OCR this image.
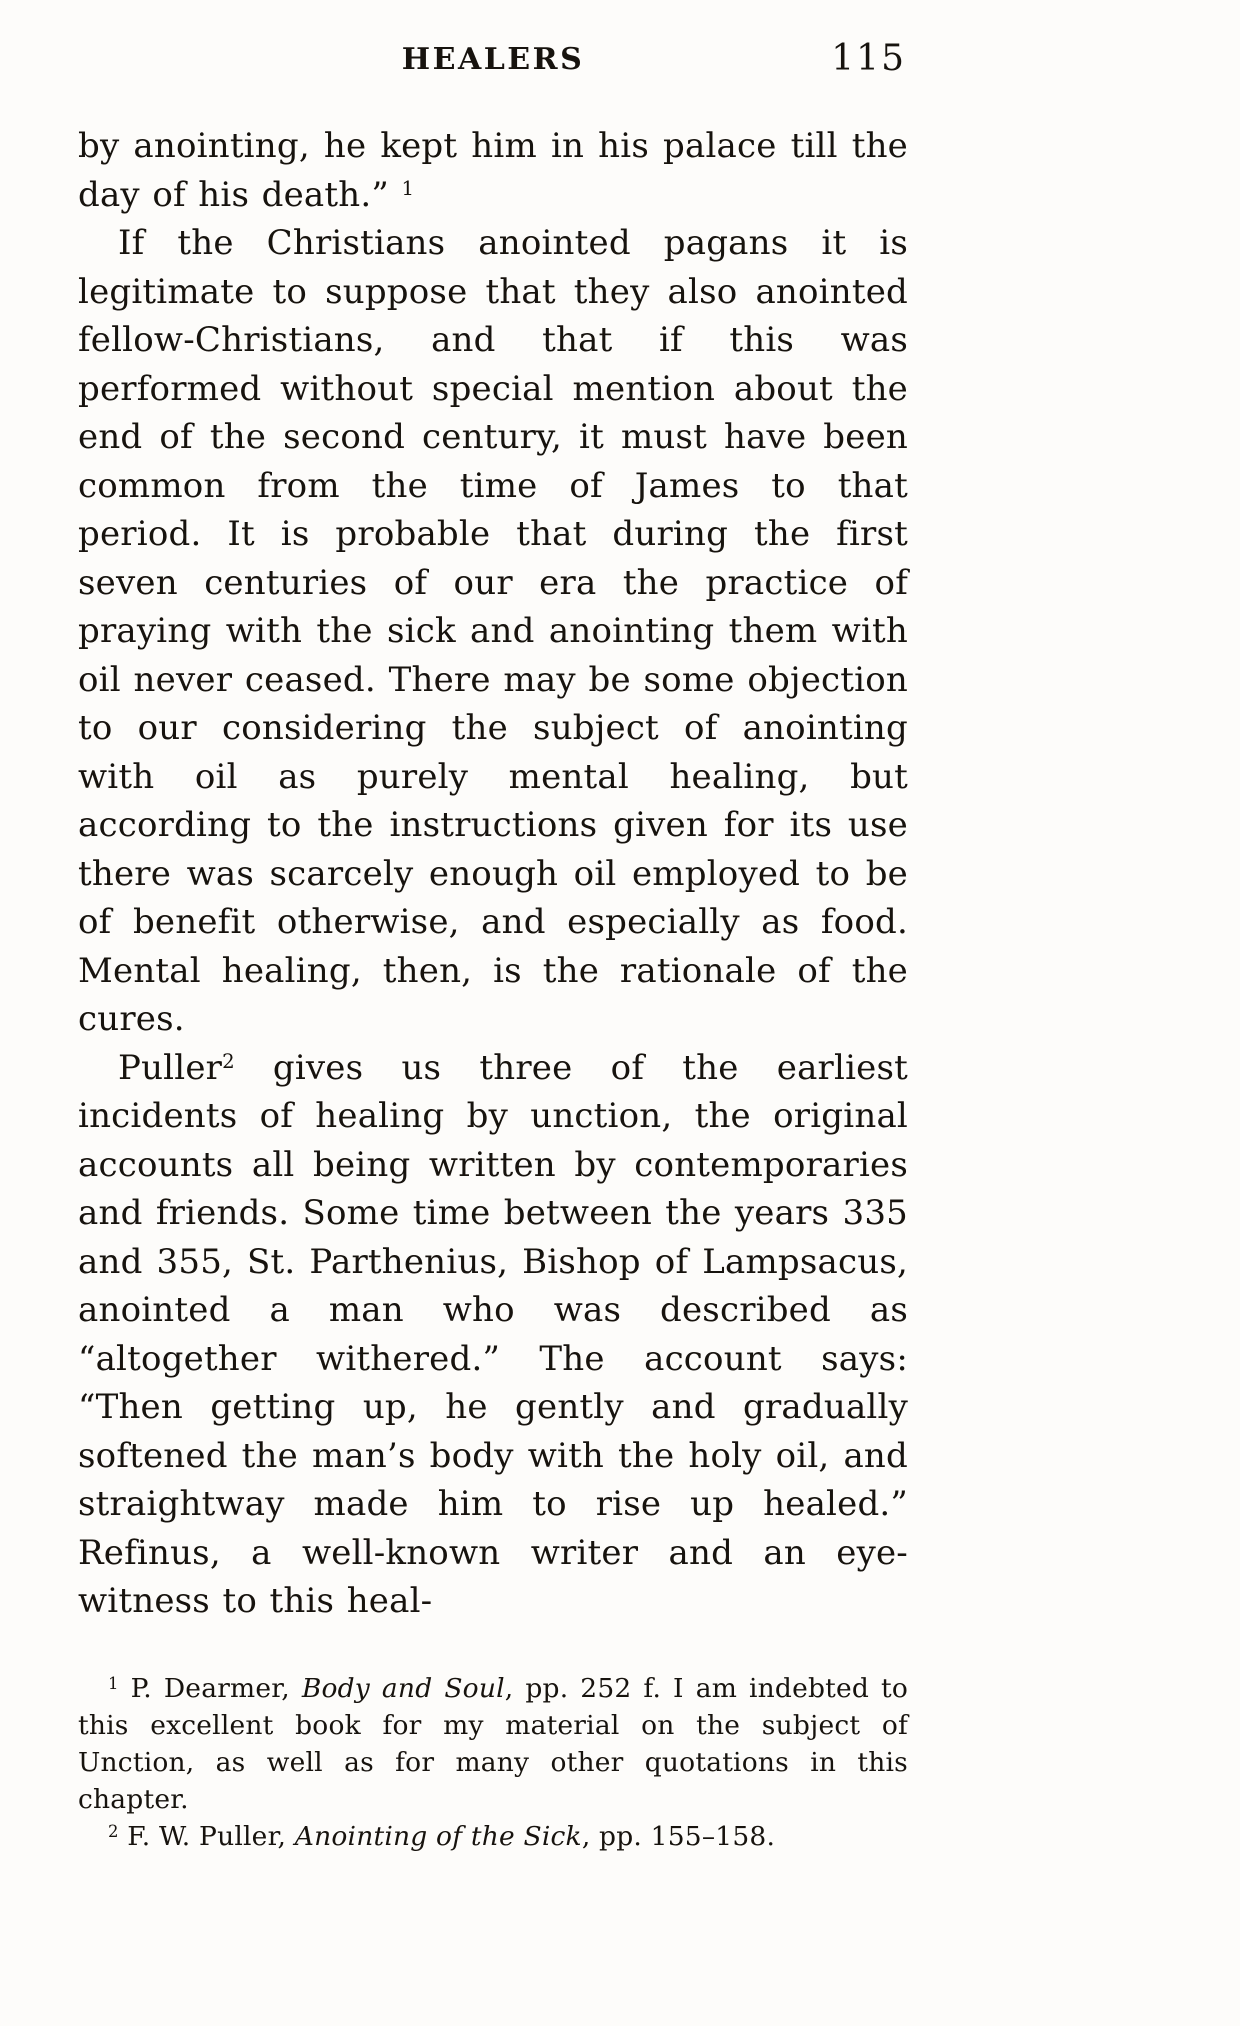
HEALERS	115

by anointing, he kept him in his palace till the day of his death.” $^1$

If the Christians anointed pagans it is legitimate to suppose that they also anointed fellow-Christians, and that if this was performed without special mention about the end of the second century, it must have been common from the time of James to that period. It is probable that during the first seven centuries of our era the practice of praying with the sick and anointing them with oil never ceased. There may be some objection to our considering the subject of anointing with oil as purely mental healing, but according to the instructions given for its use there was scarcely enough oil employed to be of benefit otherwise, and especially as food. Mental healing, then, is the rationale of the cures.

Puller$^2$ gives us three of the earliest incidents of healing by unction, the original accounts all being written by contemporaries and friends. Some time between the years 335 and 355, St. Parthenius, Bishop of Lampsacus, anointed a man who was described as “altogether withered.” The account says: “Then getting up, he gently and gradually softened the man’s body with the holy oil, and straightway made him to rise up healed.” Refinus, a well-known writer and an eye-witness to this heal-

$^1$ P. Dearmer, Body and Soul, pp. 252 f. I am indebted to this excellent book for my material on the subject of Unction, as well as for many other quotations in this chapter.

$^2$ F. W. Puller, Anointing of the Sick, pp. 155–158.
